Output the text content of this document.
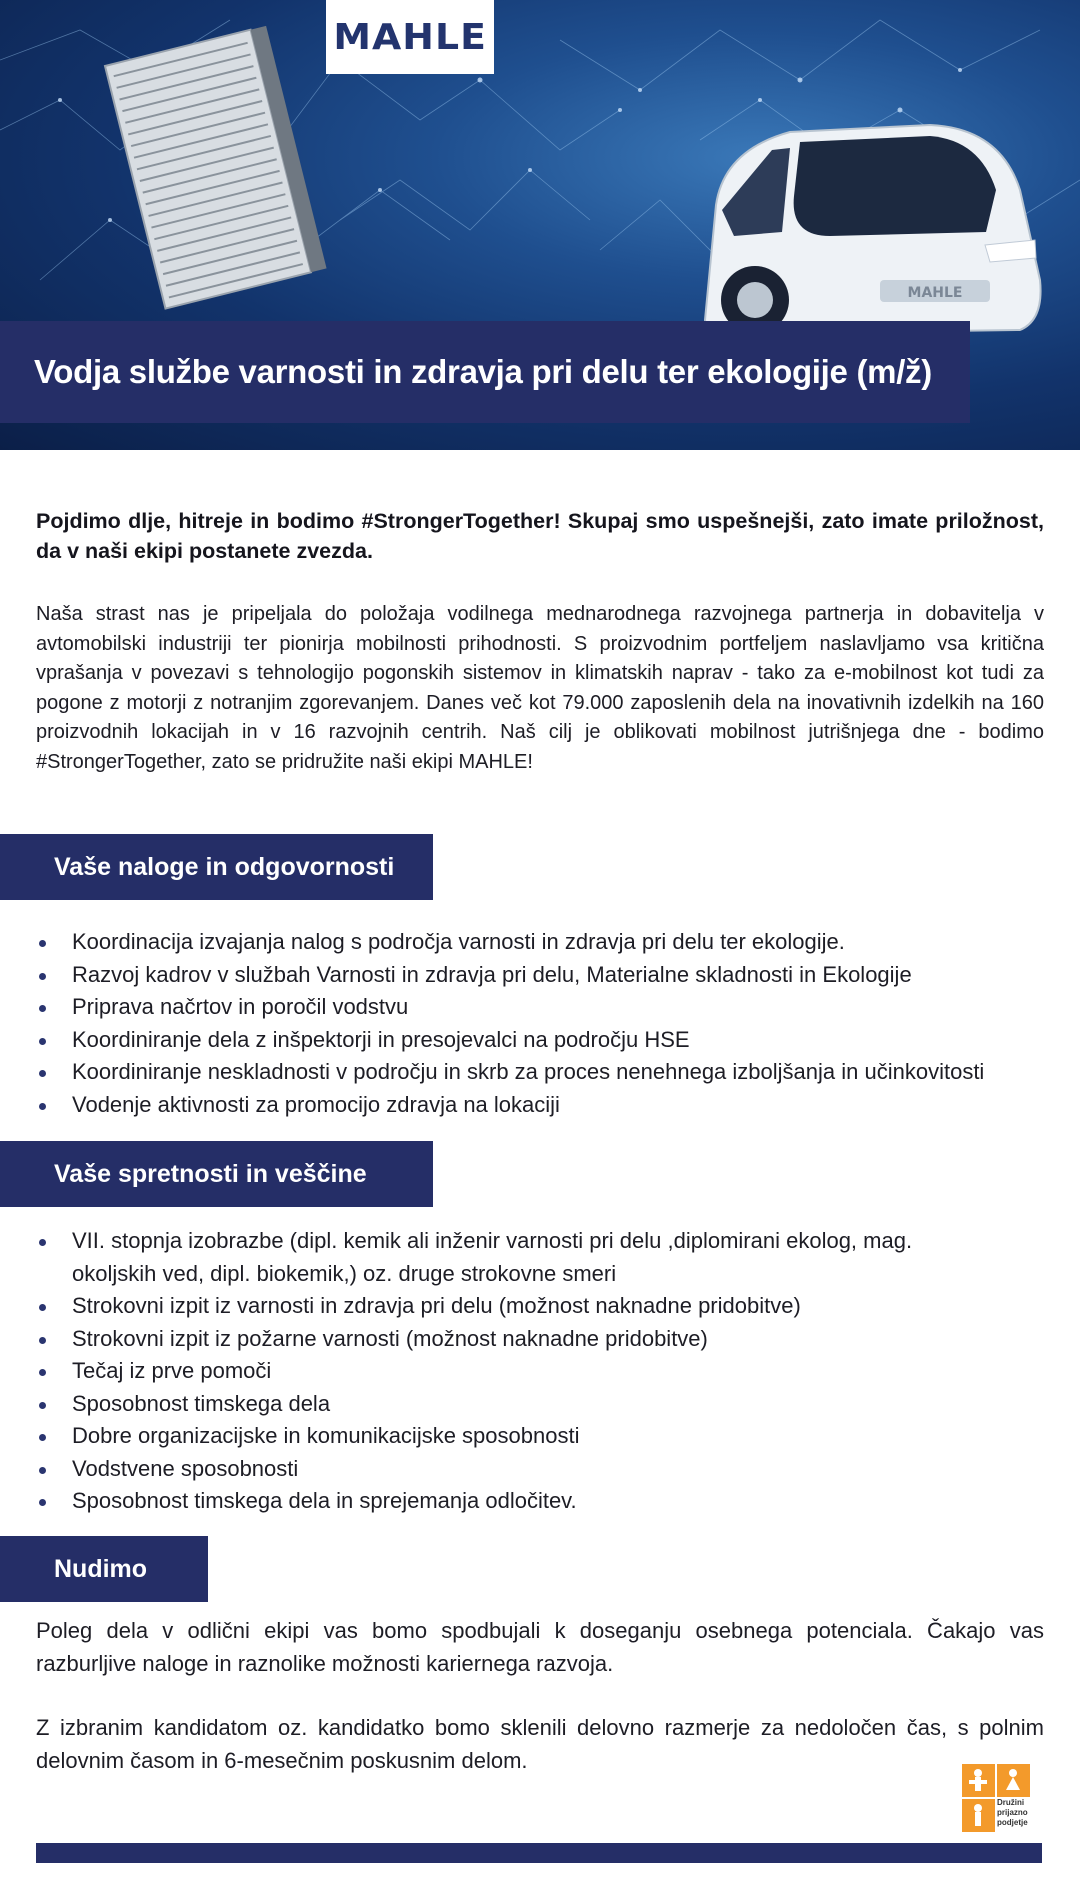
MAHLE
MAHLE
Vodja službe varnosti in zdravja pri delu ter ekologije (m/ž)

Pojdimo dlje, hitreje in bodimo #StrongerTogether! Skupaj smo uspešnejši, zato imate priložnost, da v naši ekipi postanete zvezda.

Naša strast nas je pripeljala do položaja vodilnega mednarodnega razvojnega partnerja in dobavitelja v avtomobilski industriji ter pionirja mobilnosti prihodnosti. S proizvodnim portfeljem naslavljamo vsa kritična vprašanja v povezavi s tehnologijo pogonskih sistemov in klimatskih naprav - tako za e-mobilnost kot tudi za pogone z motorji z notranjim zgorevanjem. Danes več kot 79.000 zaposlenih dela na inovativnih izdelkih na 160 proizvodnih lokacijah in v 16 razvojnih centrih. Naš cilj je oblikovati mobilnost jutrišnjega dne - bodimo #StrongerTogether, zato se pridružite naši ekipi MAHLE!

Vaše naloge in odgovornosti
Koordinacija izvajanja nalog s področja varnosti in zdravja pri delu ter ekologije.
Razvoj kadrov v službah Varnosti in zdravja pri delu, Materialne skladnosti in Ekologije
Priprava načrtov in poročil vodstvu
Koordiniranje dela z inšpektorji in presojevalci na področju HSE
Koordiniranje neskladnosti v področju in skrb za proces nenehnega izboljšanja in učinkovitosti
Vodenje aktivnosti za promocijo zdravja na lokaciji
Vaše spretnosti in veščine
VII. stopnja izobrazbe (dipl. kemik ali inženir varnosti pri delu ,diplomirani ekolog, mag. okoljskih ved, dipl. biokemik,) oz. druge strokovne smeri
Strokovni izpit iz varnosti in zdravja pri delu (možnost naknadne pridobitve)
Strokovni izpit iz požarne varnosti (možnost naknadne pridobitve)
Tečaj iz prve pomoči
Sposobnost timskega dela
Dobre organizacijske in komunikacijske sposobnosti
Vodstvene sposobnosti
Sposobnost timskega dela in sprejemanja odločitev.
Nudimo

Poleg dela v odlični ekipi vas bomo spodbujali k doseganju osebnega potenciala. Čakajo vas razburljive naloge in raznolike možnosti kariernega razvoja.

Z izbranim kandidatom oz. kandidatko bomo sklenili delovno razmerje za nedoločen čas, s polnim delovnim časom in 6-mesečnim poskusnim delom.

Družini
prijazno
podjetje
